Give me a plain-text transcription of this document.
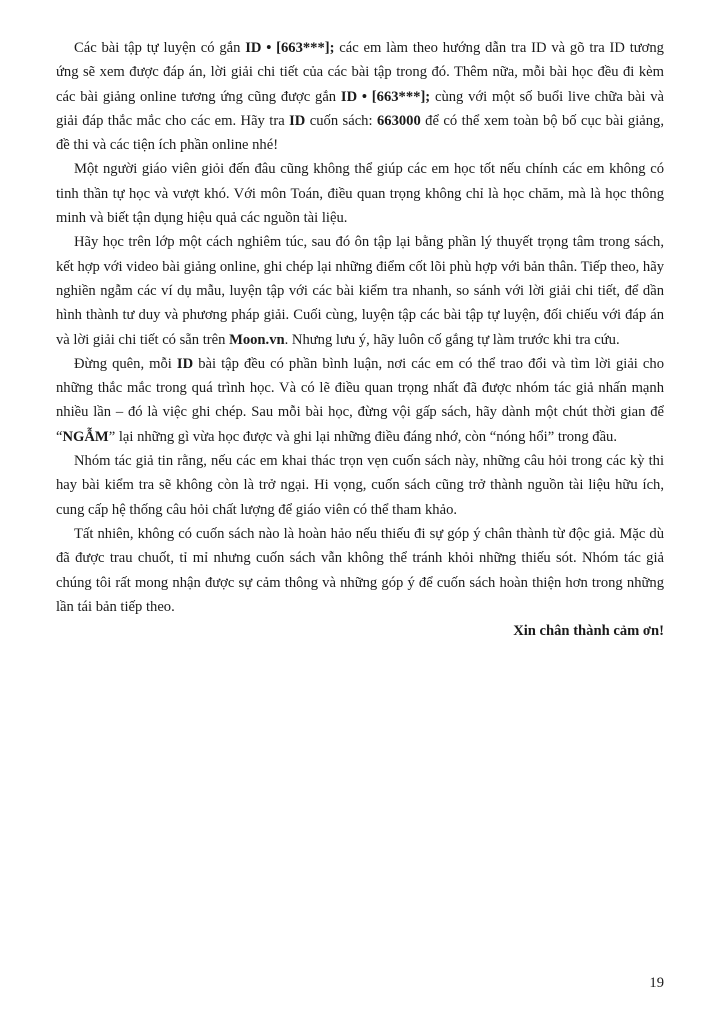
Các bài tập tự luyện có gắn ID • [663***]; các em làm theo hướng dẫn tra ID và gõ tra ID tương ứng sẽ xem được đáp án, lời giải chi tiết của các bài tập trong đó. Thêm nữa, mỗi bài học đều đi kèm các bài giảng online tương ứng cũng được gắn ID • [663***]; cùng với một số buổi live chữa bài và giải đáp thắc mắc cho các em. Hãy tra ID cuốn sách: 663000 để có thể xem toàn bộ bố cục bài giảng, đề thi và các tiện ích phần online nhé!

Một người giáo viên giỏi đến đâu cũng không thể giúp các em học tốt nếu chính các em không có tinh thần tự học và vượt khó. Với môn Toán, điều quan trọng không chỉ là học chăm, mà là học thông minh và biết tận dụng hiệu quả các nguồn tài liệu.

Hãy học trên lớp một cách nghiêm túc, sau đó ôn tập lại bằng phần lý thuyết trọng tâm trong sách, kết hợp với video bài giảng online, ghi chép lại những điểm cốt lõi phù hợp với bản thân. Tiếp theo, hãy nghiền ngẫm các ví dụ mẫu, luyện tập với các bài kiểm tra nhanh, so sánh với lời giải chi tiết, để dần hình thành tư duy và phương pháp giải. Cuối cùng, luyện tập các bài tập tự luyện, đối chiếu với đáp án và lời giải chi tiết có sẵn trên Moon.vn. Nhưng lưu ý, hãy luôn cố gắng tự làm trước khi tra cứu.

Đừng quên, mỗi ID bài tập đều có phần bình luận, nơi các em có thể trao đổi và tìm lời giải cho những thắc mắc trong quá trình học. Và có lẽ điều quan trọng nhất đã được nhóm tác giả nhấn mạnh nhiều lần – đó là việc ghi chép. Sau mỗi bài học, đừng vội gấp sách, hãy dành một chút thời gian để “NGẪM” lại những gì vừa học được và ghi lại những điều đáng nhớ, còn “nóng hổi” trong đầu.

Nhóm tác giả tin rằng, nếu các em khai thác trọn vẹn cuốn sách này, những câu hỏi trong các kỳ thi hay bài kiểm tra sẽ không còn là trở ngại. Hi vọng, cuốn sách cũng trở thành nguồn tài liệu hữu ích, cung cấp hệ thống câu hỏi chất lượng để giáo viên có thể tham khảo.

Tất nhiên, không có cuốn sách nào là hoàn hảo nếu thiếu đi sự góp ý chân thành từ độc giả. Mặc dù đã được trau chuốt, tỉ mỉ nhưng cuốn sách vẫn không thể tránh khỏi những thiếu sót. Nhóm tác giả chúng tôi rất mong nhận được sự cảm thông và những góp ý để cuốn sách hoàn thiện hơn trong những lần tái bản tiếp theo.

Xin chân thành cảm ơn!

19
